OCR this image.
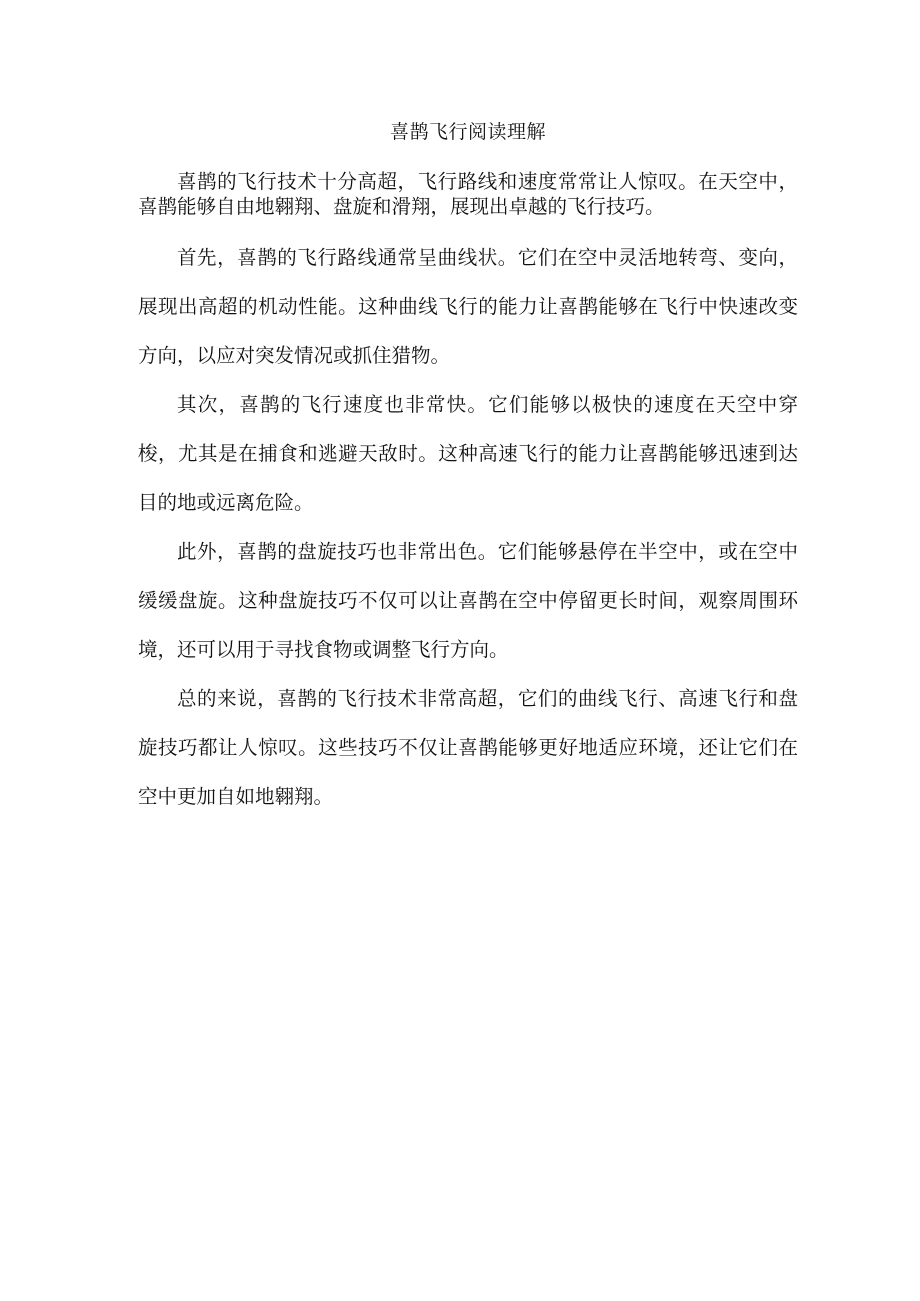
喜鹊飞行阅读理解

喜鹊的飞行技术十分高超，飞行路线和速度常常让人惊叹。在天空中，喜鹊能够自由地翱翔、盘旋和滑翔，展现出卓越的飞行技巧。

首先，喜鹊的飞行路线通常呈曲线状。它们在空中灵活地转弯、变向，展现出高超的机动性能。这种曲线飞行的能力让喜鹊能够在飞行中快速改变方向，以应对突发情况或抓住猎物。

其次，喜鹊的飞行速度也非常快。它们能够以极快的速度在天空中穿梭，尤其是在捕食和逃避天敌时。这种高速飞行的能力让喜鹊能够迅速到达目的地或远离危险。

此外，喜鹊的盘旋技巧也非常出色。它们能够悬停在半空中，或在空中缓缓盘旋。这种盘旋技巧不仅可以让喜鹊在空中停留更长时间，观察周围环境，还可以用于寻找食物或调整飞行方向。

总的来说，喜鹊的飞行技术非常高超，它们的曲线飞行、高速飞行和盘旋技巧都让人惊叹。这些技巧不仅让喜鹊能够更好地适应环境，还让它们在空中更加自如地翱翔。
